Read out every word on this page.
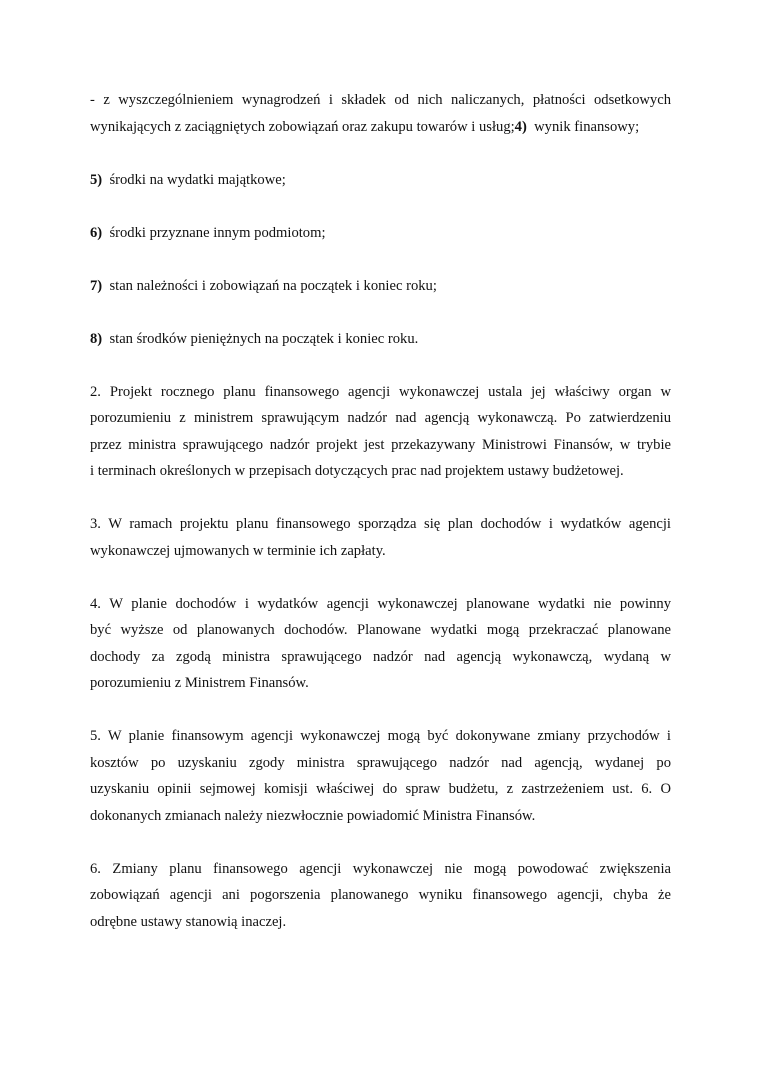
- z wyszczególnieniem wynagrodzeń i składek od nich naliczanych, płatności odsetkowych
wynikających z zaciągniętych zobowiązań oraz zakupu towarów i usług;4)  wynik finansowy;
5)  środki na wydatki majątkowe;
6)  środki przyznane innym podmiotom;
7)  stan należności i zobowiązań na początek i koniec roku;
8)  stan środków pieniężnych na początek i koniec roku.
2. Projekt rocznego planu finansowego agencji wykonawczej ustala jej właściwy organ w
porozumieniu z ministrem sprawującym nadzór nad agencją wykonawczą. Po zatwierdzeniu
przez ministra sprawującego nadzór projekt jest przekazywany Ministrowi Finansów, w trybie
i terminach określonych w przepisach dotyczących prac nad projektem ustawy budżetowej.
3. W ramach projektu planu finansowego sporządza się plan dochodów i wydatków agencji
wykonawczej ujmowanych w terminie ich zapłaty.
4. W planie dochodów i wydatków agencji wykonawczej planowane wydatki nie powinny
być wyższe od planowanych dochodów. Planowane wydatki mogą przekraczać planowane
dochody za zgodą ministra sprawującego nadzór nad agencją wykonawczą, wydaną w
porozumieniu z Ministrem Finansów.
5. W planie finansowym agencji wykonawczej mogą być dokonywane zmiany przychodów i
kosztów po uzyskaniu zgody ministra sprawującego nadzór nad agencją, wydanej po
uzyskaniu opinii sejmowej komisji właściwej do spraw budżetu, z zastrzeżeniem ust. 6. O
dokonanych zmianach należy niezwłocznie powiadomić Ministra Finansów.
6. Zmiany planu finansowego agencji wykonawczej nie mogą powodować zwiększenia
zobowiązań agencji ani pogorszenia planowanego wyniku finansowego agencji, chyba że
odrębne ustawy stanowią inaczej.
